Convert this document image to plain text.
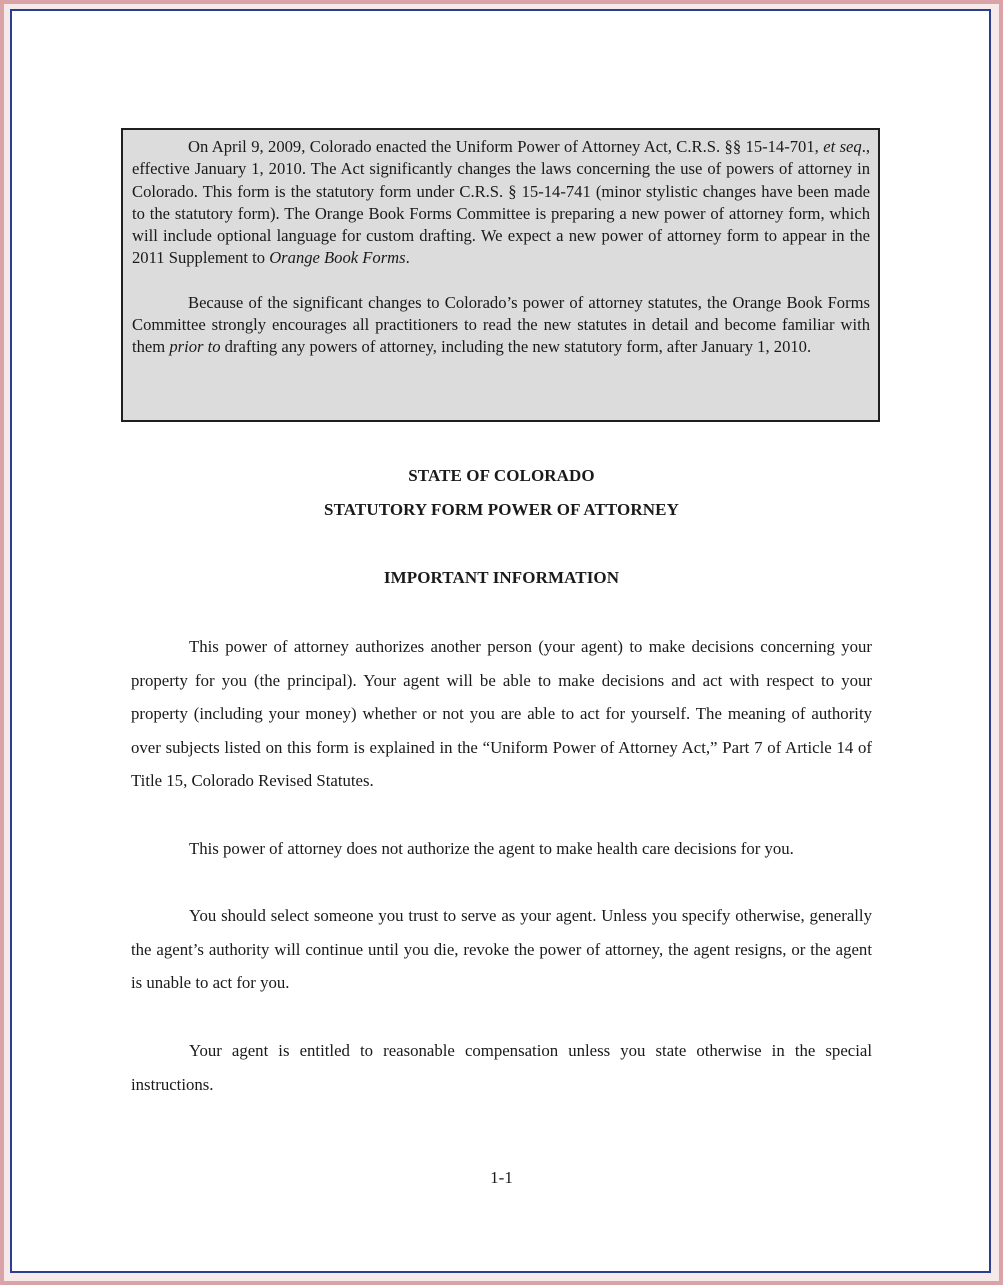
On April 9, 2009, Colorado enacted the Uniform Power of Attorney Act, C.R.S. §§ 15-14-701, et seq., effective January 1, 2010. The Act significantly changes the laws concerning the use of powers of attorney in Colorado. This form is the statutory form under C.R.S. § 15-14-741 (minor stylistic changes have been made to the statutory form). The Orange Book Forms Committee is preparing a new power of attorney form, which will include optional language for custom drafting. We expect a new power of attorney form to appear in the 2011 Supplement to Orange Book Forms.

Because of the significant changes to Colorado’s power of attorney statutes, the Orange Book Forms Committee strongly encourages all practitioners to read the new statutes in detail and become familiar with them prior to drafting any powers of attorney, including the new statutory form, after January 1, 2010.

STATE OF COLORADO
STATUTORY FORM POWER OF ATTORNEY
IMPORTANT INFORMATION

This power of attorney authorizes another person (your agent) to make decisions concerning your property for you (the principal). Your agent will be able to make decisions and act with respect to your property (including your money) whether or not you are able to act for yourself. The meaning of authority over subjects listed on this form is explained in the “Uniform Power of Attorney Act,” Part 7 of Article 14 of Title 15, Colorado Revised Statutes.

This power of attorney does not authorize the agent to make health care decisions for you.

You should select someone you trust to serve as your agent. Unless you specify otherwise, generally the agent’s authority will continue until you die, revoke the power of attorney, the agent resigns, or the agent is unable to act for you.

Your agent is entitled to reasonable compensation unless you state otherwise in the special instructions.

1-1
